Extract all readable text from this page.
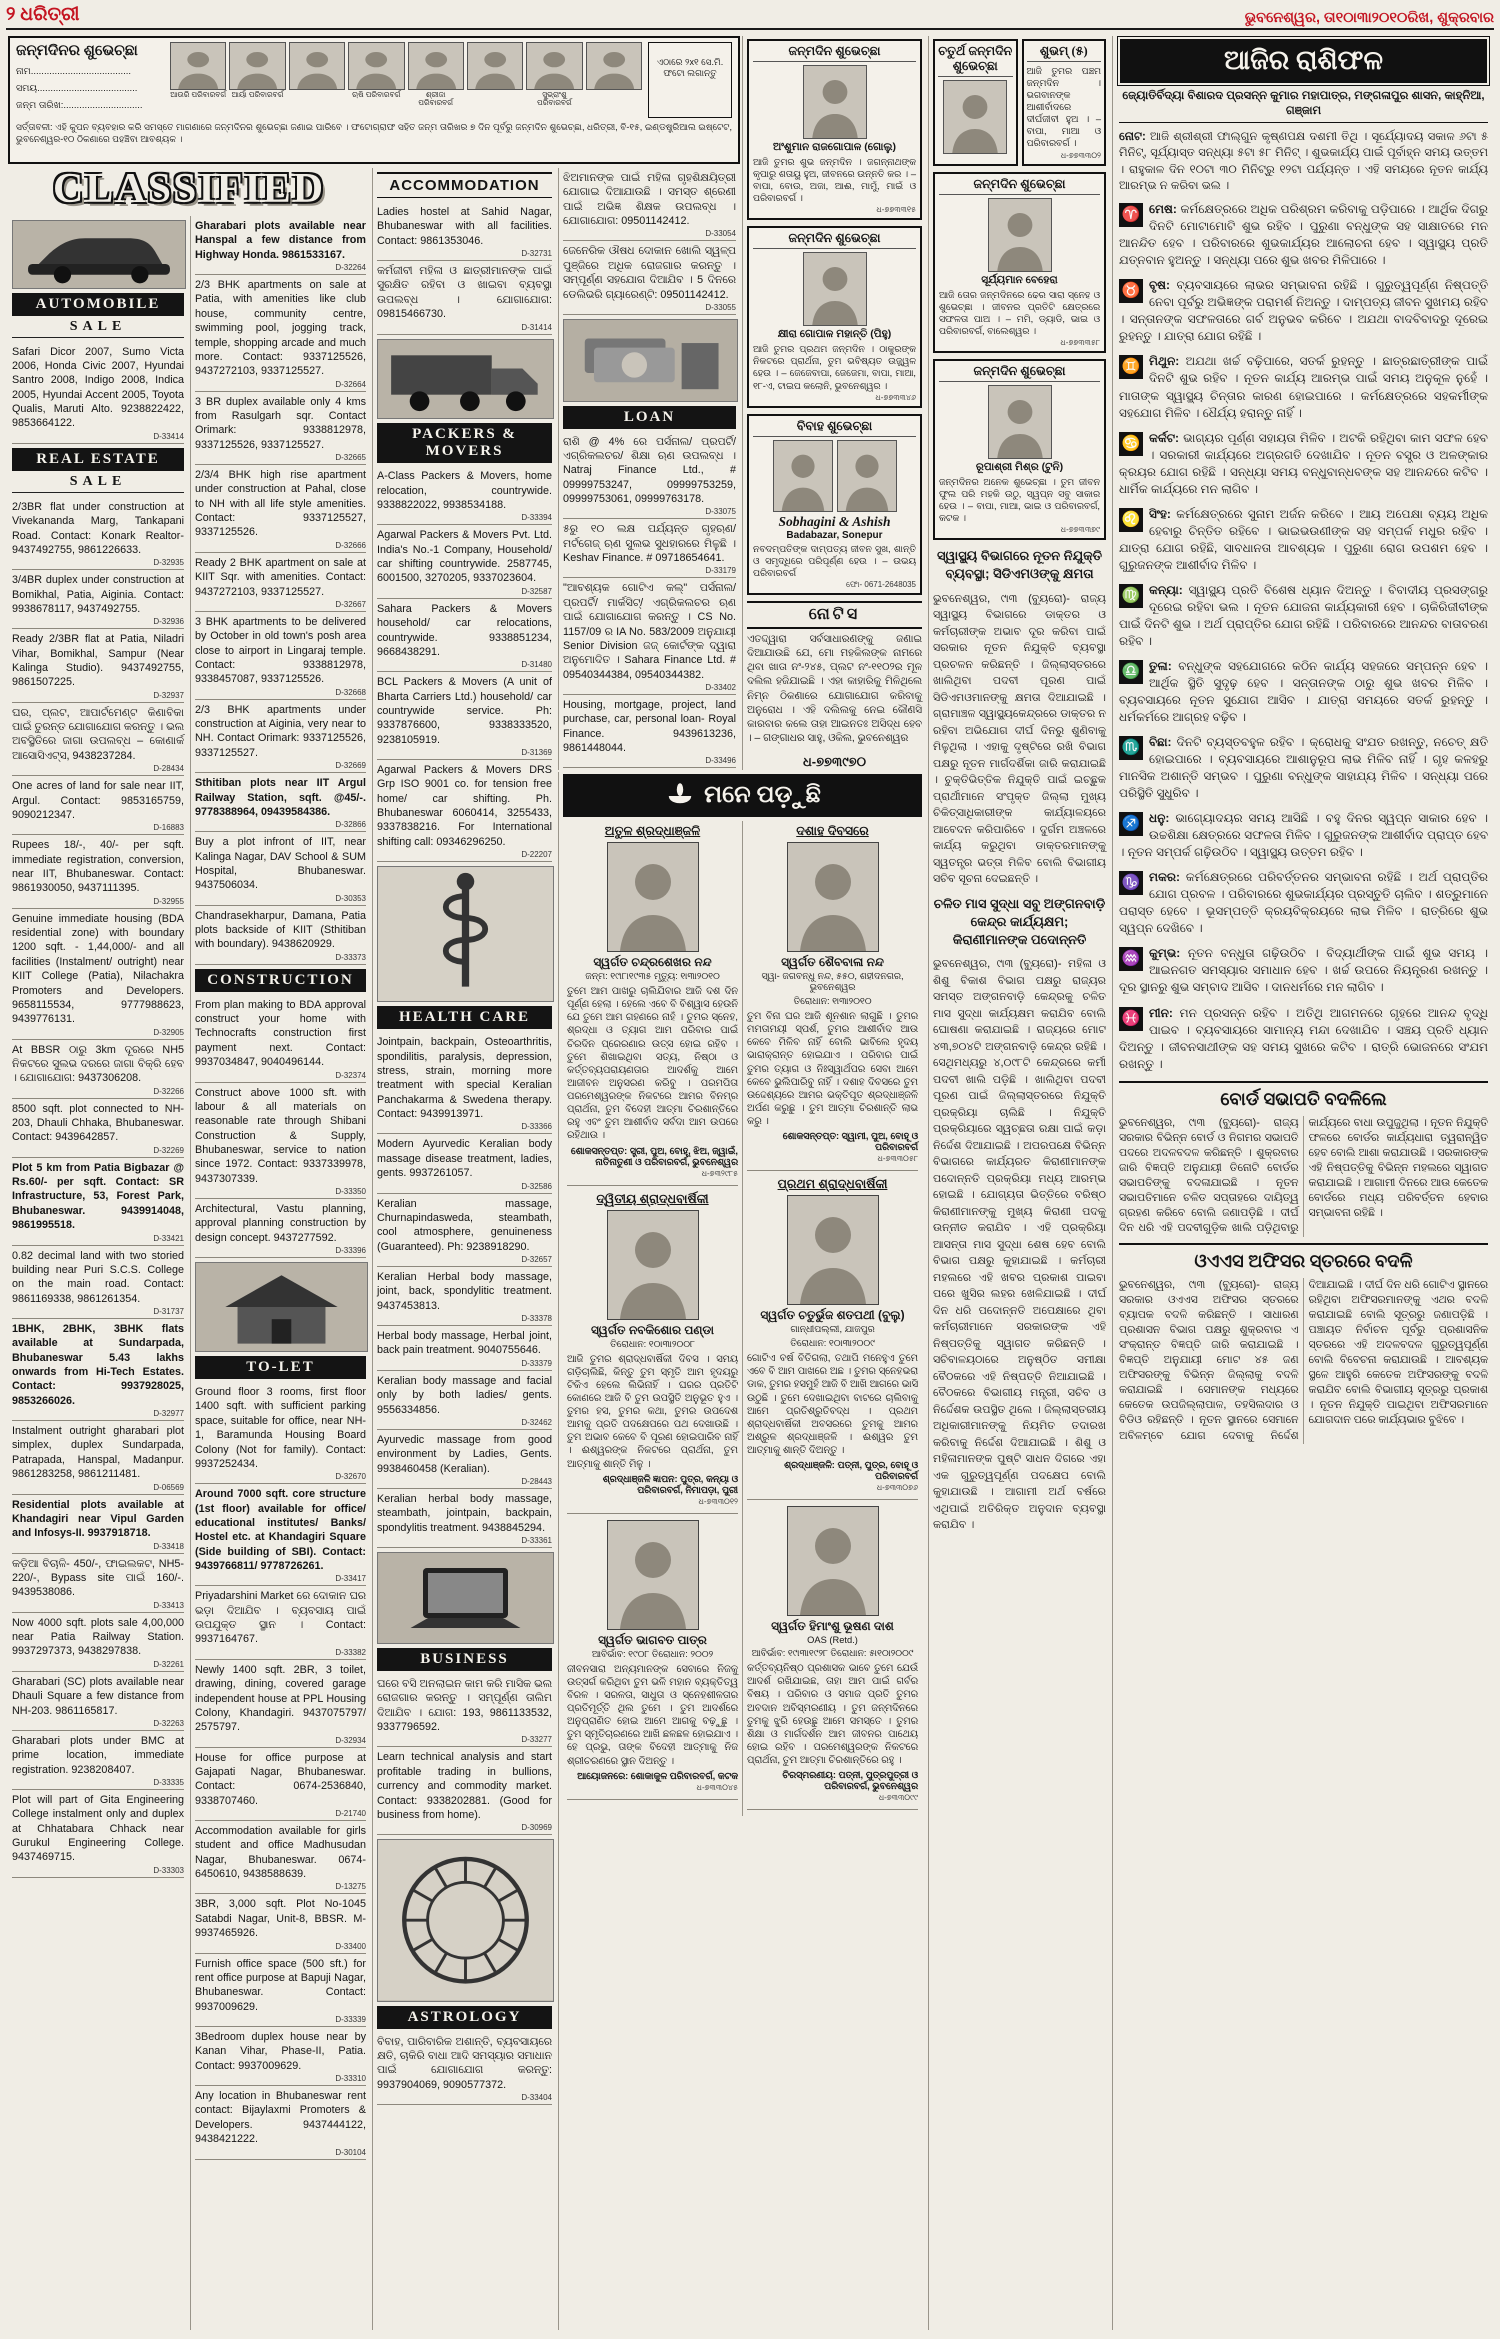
୨ ଧରିତ୍ରୀ	ଭୁବନେଶ୍ୱର, ତା୧୦ା୩ା୨୦୧୦ରିଖ, ଶୁକ୍ରବାର
ଜନ୍ମଦିନର ଶୁଭେଚ୍ଛା
ନାମ......................................
ସମୟ......................................
ଜନ୍ମ ତାରିଖ:..............................
ଆଉରି ପରିବାରବର୍ଗ ଆର୍ୟା ପରିବାରବର୍ଗ	ଋଷି ପରିବାରବର୍ଗ	ଶ୍ରୀଜା ପରିବାରବର୍ଗ
ସୁଭ୍ରାଂଶୁ ପରିବାରବର୍ଗ
ଏଠାରେ ୨x୧ ସେ.ମି. ଫଟୋ ଲଗାନ୍ତୁ
ସର୍ତ୍ତାବଳୀ: ଏହି କୁପନ ବ୍ୟବହାର କରି ସମସ୍ତେ ମାଗଣାରେ ଜନ୍ମଦିନର ଶୁଭେଚ୍ଛା ଜଣାଇ ପାରିବେ । ଫଟୋଗ୍ରାଫ ସହିତ ଜନ୍ମ ତାରିଖର ୭ ଦିନ ପୂର୍ବରୁ ଜନ୍ମଦିନ ଶୁଭେଚ୍ଛା, ଧରିତ୍ରୀ, ବି-୧୫, ଇଣ୍ଡଷ୍ଟ୍ରିଆଲ ଇଷ୍ଟେଟ, ଭୁବନେଶ୍ୱର-୧୦ ଠିକଣାରେ ପହଞ୍ଚିବା ଆବଶ୍ୟକ ।
CLASSIFIED
AUTOMOBILE
SALE
Safari Dicor 2007, Sumo Victa 2006, Honda Civic 2007, Hyundai Santro 2008, Indigo 2008, Indica 2005, Hyundai Accent 2005, Toyota Qualis, Maruti Alto. 9238822422, 9853664122.
D-33414
REAL ESTATE
SALE
2/3BR flat under construction at Vivekananda Marg, Tankapani Road. Contact: Konark Realtor- 9437492755, 9861226633.
D-32935
3/4BR duplex under construction at Bomikhal, Patia, Aiginia. Contact: 9938678117, 9437492755.
D-32936
Ready 2/3BR flat at Patia, Niladri Vihar, Bomikhal, Sampur (Near Kalinga Studio). 9437492755, 9861507225.
D-32937
ଘର, ପ୍ଲଟ, ଆପାର୍ଟମେଣ୍ଟ କିଣାବିକା ପାଇଁ ତୁରନ୍ତ ଯୋଗାଯୋଗ କରନ୍ତୁ । ଭଲ ଅବସ୍ଥିତିରେ ଜାଗା ଉପଲବ୍ଧ – କୋଣାର୍କ ଆସୋସିଏଟ୍ସ, 9438237284.
D-28434
One acres of land for sale near IIT, Argul. Contact: 9853165759, 9090212347.
D-16883
Rupees 18/-, 40/- per sqft. immediate registration, conversion, near IIT, Bhubaneswar. Contact: 9861930050, 9437111395.
D-32955
Genuine immediate housing (BDA residential zone) with boundary 1200 sqft. - 1,44,000/- and all facilities (Instalment/ outright) near KIIT College (Patia), Nilachakra Promoters and Developers. 9658115534, 9777988623, 9439776131.
D-32905
At BBSR ଠାରୁ 3km ଦୂରରେ NH5 ନିକଟରେ ସୁଲଭ ଦରରେ ଜାଗା ବିକ୍ରି ହେବ । ଯୋଗାଯୋଗ: 9437306208.
D-32266
8500 sqft. plot connected to NH-203, Dhauli Chhaka, Bhubaneswar. Contact: 9439642857.
D-32269
Plot 5 km from Patia Bigbazar @ Rs.60/- per sqft. Contact: SR Infrastructure, 53, Forest Park, Bhubaneswar. 9439914048, 9861995518.
D-33421
0.82 decimal land with two storied building near Puri S.C.S. College on the main road. Contact: 9861169338, 9861261354.
D-31737
1BHK, 2BHK, 3BHK flats available at Sundarpada, Bhubaneswar 5.43 lakhs onwards from Hi-Tech Estates. Contact: 9937928025, 9853266026.
D-32977
Instalment outright gharabari plot simplex, duplex Sundarpada, Patrapada, Hanspal, Madanpur. 9861283258, 9861211481.
D-06569
Residential plots available at Khandagiri near Vipul Garden and Infosys-II. 9937918718.
D-33418
କଡ଼ିଆ ବିଚାଳି- 450/-, ଫାଇଲକଟ, NH5- 220/-, Bypass site ପାଇଁ 160/-. 9439538086.
D-33413
Now 4000 sqft. plots sale 4,00,000 near Patia Railway Station. 9937297373, 9438297838.
D-32261
Gharabari (SC) plots available near Dhauli Square a few distance from NH-203. 9861165817.
D-32263
Gharabari plots under BMC at prime location, immediate registration. 9238208407.
D-33335
Plot will part of Gita Engineering College instalment only and duplex at Chhatabara Chhack near Gurukul Engineering College. 9437469715.
D-33303
Gharabari plots available near Hanspal a few distance from Highway Honda. 9861533167.
D-32264
2/3 BHK apartments on sale at Patia, with amenities like club house, community centre, swimming pool, jogging track, temple, shopping arcade and much more. Contact: 9337125526, 9437272103, 9337125527.
D-32664
3 BR duplex available only 4 kms from Rasulgarh sqr. Contact Orimark: 9338812978, 9337125526, 9337125527.
D-32665
2/3/4 BHK high rise apartment under construction at Pahal, close to NH with all life style amenities. Contact: 9337125527, 9337125526.
D-32666
Ready 2 BHK apartment on sale at KIIT Sqr. with amenities. Contact: 9437272103, 9337125527.
D-32667
3 BHK apartments to be delivered by October in old town's posh area close to airport in Lingaraj temple. Contact: 9338812978, 9338457087, 9337125526.
D-32668
2/3 BHK apartments under construction at Aiginia, very near to NH. Contact Orimark: 9337125526, 9337125527.
D-32669
Sthitiban plots near IIT Argul Railway Station, sqft. @45/-. 9778388964, 09439584386.
D-32866
Buy a plot infront of IIT, near Kalinga Nagar, DAV School & SUM Hospital, Bhubaneswar. 9437506034.
D-30353
Chandrasekharpur, Damana, Patia plots backside of KIIT (Sthitiban with boundary). 9438620929.
D-33373
CONSTRUCTION
From plan making to BDA approval construct your home with Technocrafts construction first payment next. Contact: 9937034847, 9040496144.
D-32374
Construct above 1000 sft. with labour & all materials on reasonable rate through Shibani Construction & Supply, Bhubaneswar, service to nation since 1972. Contact: 9337339978, 9437307339.
D-33350
Architectural, Vastu planning, approval planning construction by design concept. 9437277592.
D-33396
TO-LET
Ground floor 3 rooms, first floor 1400 sqft. with sufficient parking space, suitable for office, near NH-1, Baramunda Housing Board Colony (Not for family). Contact: 9937252434.
D-32670
Around 7000 sqft. core structure (1st floor) available for office/ educational institutes/ Banks/ Hostel etc. at Khandagiri Square (Side building of SBI). Contact: 9439766811/ 9778726261.
D-33417
Priyadarshini Market ରେ ଦୋକାନ ଘର ଭଡ଼ା ଦିଆଯିବ । ବ୍ୟବସାୟ ପାଇଁ ଉପଯୁକ୍ତ ସ୍ଥାନ । Contact: 9937164767.
D-33382
Newly 1400 sqft. 2BR, 3 toilet, drawing, dining, covered garage independent house at PPL Housing Colony, Khandagiri. 9437075797/ 2575797.
D-32934
House for office purpose at Gajapati Nagar, Bhubaneswar. Contact: 0674-2536840, 9338707460.
D-21740
Accommodation available for girls student and office Madhusudan Nagar, Bhubaneswar. 0674-6450610, 9438588639.
D-13275
3BR, 3,000 sqft. Plot No-1045 Satabdi Nagar, Unit-8, BBSR. M-9937465926.
D-33400
Furnish office space (500 sft.) for rent office purpose at Bapuji Nagar, Bhubaneswar. Contact: 9937009629.
D-33339
3Bedroom duplex house near by Kanan Vihar, Phase-II, Patia. Contact: 9937009629.
D-33310
Any location in Bhubaneswar rent contact: Bijaylaxmi Promoters & Developers. 9437444122, 9438421222.
D-30104
ACCOMMODATION
Ladies hostel at Sahid Nagar, Bhubaneswar with all facilities. Contact: 9861353046.
D-32731
କର୍ମଜୀବୀ ମହିଳା ଓ ଛାତ୍ରୀମାନଙ୍କ ପାଇଁ ସୁରକ୍ଷିତ ରହିବା ଓ ଖାଇବା ବ୍ୟବସ୍ଥା ଉପଲବ୍ଧ । ଯୋଗାଯୋଗ: 09815466730.
D-31414
PACKERS & MOVERS
A-Class Packers & Movers, home relocation, countrywide. 9338822022, 9938534188.
D-33394
Agarwal Packers & Movers Pvt. Ltd. India's No.-1 Company, Household/ car shifting countrywide. 2587745, 6001500, 3270205, 9337023604.
D-32587
Sahara Packers & Movers household/ car relocations, countrywide. 9338851234, 9668438291.
D-31480
BCL Packers & Movers (A unit of Bharta Carriers Ltd.) household/ car countrywide service. Ph: 9337876600, 9338333520, 9238105919.
D-31369
Agarwal Packers & Movers DRS Grp ISO 9001 co. for tension free home/ car shifting. Ph. Bhubaneswar 6060414, 3255433, 9337838216. For International shifting call: 09346296250.
D-22207
HEALTH CARE
Jointpain, backpain, Osteoarthritis, spondilitis, paralysis, depression, stress, strain, morning more treatment with special Keralian Panchakarma & Swedena therapy. Contact: 9439913971.
D-33366
Modern Ayurvedic Keralian body massage disease treatment, ladies, gents. 9937261057.
D-32586
Keralian massage, Churnapindasweda, steambath, cool atmosphere, genuineness (Guaranteed). Ph: 9238918290.
D-32657
Keralian Herbal body massage, joint, back, spondylitic treatment. 9437453813.
D-33378
Herbal body massage, Herbal joint, back pain treatment. 9040755646.
D-33379
Keralian body massage and facial only by both ladies/ gents. 9556334856.
D-32462
Ayurvedic massage from good environment by Ladies, Gents. 9938460458 (Keralian).
D-28443
Keralian herbal body massage, steambath, jointpain, backpain, spondylitis treatment. 9438845294.
D-33361
BUSINESS
ଘରେ ବସି ଅନଲାଇନ କାମ କରି ମାସିକ ଭଲ ରୋଜଗାର କରନ୍ତୁ । ସମ୍ପୂର୍ଣ୍ଣ ତାଲିମ ଦିଆଯିବ । ଯୋଗ: 193, 9861133532, 9337796592.
D-33277
Learn technical analysis and start profitable trading in bullions, currency and commodity market. Contact: 9338202881. (Good for business from home).
D-30969
ASTROLOGY
ବିବାହ, ପାରିବାରିକ ଅଶାନ୍ତି, ବ୍ୟବସାୟରେ କ୍ଷତି, ଚାକିରି ବାଧା ଆଦି ସମସ୍ୟାର ସମାଧାନ ପାଇଁ ଯୋଗାଯୋଗ କରନ୍ତୁ: 9937904069, 9090577372.
D-33404
ଝିଅମାନଙ୍କ ପାଇଁ ମହିଳା ଗୃହଶିକ୍ଷୟିତ୍ରୀ ଯୋଗାଇ ଦିଆଯାଉଛି । ସମସ୍ତ ଶ୍ରେଣୀ ପାଇଁ ଅଭିଜ୍ଞ ଶିକ୍ଷକ ଉପଲବ୍ଧ । ଯୋଗାଯୋଗ: 09501142412.
D-33054
ଜେନେରିକ ଔଷଧ ଦୋକାନ ଖୋଲି ସ୍ୱଳ୍ପ ପୁଞ୍ଜିରେ ଅଧିକ ରୋଜଗାର କରନ୍ତୁ । ସମ୍ପୂର୍ଣ୍ଣ ସହଯୋଗ ଦିଆଯିବ । 5 ଦିନରେ ଡେଲିଭରି ଗ୍ୟାରେଣ୍ଟି: 09501142412.
D-33055
LOAN
ରାଶି @ 4% ରେ ପର୍ସନାଲ/ ପ୍ରପର୍ଟି/ ଏଗ୍ରିକଲଚର/ ଶିକ୍ଷା ଋଣ ଉପଲବ୍ଧ । Natraj Finance Ltd., # 09999753247, 09999753259, 09999753061, 09999763178.
D-33075
୫ରୁ ୧୦ ଲକ୍ଷ ପର୍ଯ୍ୟନ୍ତ ଗୃହଋଣ/ ମର୍ଟଗେଜ୍ ଋଣ ସୁଲଭ ସୁଧହାରରେ ମିଳୁଛି । Keshav Finance. # 09718654641.
D-33179
"ଆବଶ୍ୟକ ଗୋଟିଏ କଲ୍" ପର୍ସନାଲ/ ପ୍ରପର୍ଟି/ ମାର୍କସିଟ୍/ ଏଗ୍ରିକଲଚର ଋଣ ପାଇଁ ଯୋଗାଯୋଗ କରନ୍ତୁ । CS No. 1157/09 ର IA No. 583/2009 ଅନୁଯାୟୀ Senior Division ଜଜ୍ କୋର୍ଟଙ୍କ ଦ୍ୱାରା ଅନୁମୋଦିତ । Sahara Finance Ltd. # 09540344384, 09540344382.
D-33402
Housing, mortgage, project, land purchase, car, personal loan- Royal Finance. 9439613236, 9861448044.
D-33496
ଜନ୍ମଦିନ ଶୁଭେଚ୍ଛା
ଅଂଶୁମାନ ରାଜଗୋପାଳ (ଗୋଲୁ)
ଆଜି ତୁମର ଶୁଭ ଜନ୍ମଦିନ । ଜଗନ୍ନାଥଙ୍କ କୃପାରୁ ଶତାୟୁ ହୁଅ, ଜୀବନରେ ଉନ୍ନତି କର । – ବାପା, ବୋଉ, ଅଜା, ଆଈ, ମାମୁଁ, ମାଇଁ ଓ ପରିବାରବର୍ଗ ।
ଧ-୭୭୩୩୧୫
ଜନ୍ମଦିନ ଶୁଭେଚ୍ଛା
କ୍ଷୀରା ଗୋପାଳ ମହାନ୍ତି (ପିହୁ)
ଆଜି ତୁମର ପ୍ରଥମ ଜନ୍ମଦିନ । ଠାକୁରଙ୍କ ନିକଟରେ ପ୍ରାର୍ଥନା, ତୁମ ଭବିଷ୍ୟତ ଉଜ୍ଜ୍ୱଳ ହେଉ । – ଜେଜେବାପା, ଜେଜେମା, ବାପା, ମାଆ, ୧୮-ଏ, ଟାଇପ କଲୋନି, ଭୁବନେଶ୍ୱର ।
ଧ-୭୭୩୩୪୬
ବିବାହ ଶୁଭେଚ୍ଛା
Sobhagini & Ashish
Badabazar, Sonepur
ନବଦମ୍ପତିଙ୍କ ଦାମ୍ପତ୍ୟ ଜୀବନ ସୁଖ, ଶାନ୍ତି ଓ ସମୃଦ୍ଧିରେ ପରିପୂର୍ଣ୍ଣ ହେଉ । – ଉଭୟ ପରିବାରବର୍ଗ
ଫୋ- 0671-2648035
ନୋଟିସ
ଏତଦ୍ଦ୍ୱାରା ସର୍ବସାଧାରଣଙ୍କୁ ଜଣାଇ ଦିଆଯାଉଛି ଯେ, ମୋ ମହକିଲଙ୍କ ନାମରେ ଥିବା ଖାତା ନଂ-୨୪୫, ପ୍ଲଟ ନଂ-୧୧୦୨ର ମୂଳ ଦଲିଲ ହଜିଯାଇଛି । ଏହା କାହାରିକୁ ମିଳିଥିଲେ ନିମ୍ନ ଠିକଣାରେ ଯୋଗାଯୋଗ କରିବାକୁ ଅନୁରୋଧ । ଏହି ଦଲିଲକୁ ନେଇ କୌଣସି କାରବାର କଲେ ତାହା ଆଇନତଃ ଅସିଦ୍ଧ ହେବ । – ଗଙ୍ଗାଧର ସାହୁ, ଓକିଲ, ଭୁବନେଶ୍ୱର
ଧ-୭୭୩୯୭୦
ଚତୁର୍ଥ ଜନ୍ମଦିନ ଶୁଭେଚ୍ଛା
ଶୁଭମ୍ (୫)
ଆଜି ତୁମର ପଞ୍ଚମ ଜନ୍ମଦିନ । ଭଗବାନଙ୍କ ଆଶୀର୍ବାଦରେ ଦୀର୍ଘଜୀବୀ ହୁଅ । – ବାପା, ମାଆ ଓ ପରିବାରବର୍ଗ ।
ଧ-୭୭୩୩୦୨
ଜନ୍ମଦିନ ଶୁଭେଚ୍ଛା
ସୂର୍ଯ୍ୟମାନ ବେହେରା
ଆଜି ତୋର ଜନ୍ମଦିନରେ ଢେର ସାରା ସ୍ନେହ ଓ ଶୁଭେଚ୍ଛା । ଜୀବନର ପ୍ରତିଟି କ୍ଷେତ୍ରରେ ସଫଳତା ପାଅ । – ମମି, ଡ୍ୟାଡି, ଭାଇ ଓ ପରିବାରବର୍ଗ, ବାଲେଶ୍ୱର ।
ଧ-୭୭୩୩୫୮
ଜନ୍ମଦିନ ଶୁଭେଚ୍ଛା
ରୂପାଶ୍ରୀ ମିଶ୍ର (ଟୁନି)
ଜନ୍ମଦିନର ଅନେକ ଶୁଭେଚ୍ଛା । ତୁମ ଜୀବନ ଫୁଲ ପରି ମହକି ଉଠୁ, ସ୍ୱପ୍ନ ସବୁ ସାକାର ହେଉ । – ବାପା, ମାଆ, ଭାଇ ଓ ପରିବାରବର୍ଗ, କଟକ ।
ଧ-୭୭୩୩୭୯
ସ୍ୱାସ୍ଥ୍ୟ ବିଭାଗରେ ନୂତନ ନିଯୁକ୍ତି ବ୍ୟବସ୍ଥା; ସିଡିଏମଓଙ୍କୁ କ୍ଷମତା
ଭୁବନେଶ୍ୱର, ୯ା୩ (ବ୍ୟୁରୋ)- ରାଜ୍ୟ ସ୍ୱାସ୍ଥ୍ୟ ବିଭାଗରେ ଡାକ୍ତର ଓ କର୍ମଚାରୀଙ୍କ ଅଭାବ ଦୂର କରିବା ପାଇଁ ସରକାର ନୂତନ ନିଯୁକ୍ତି ବ୍ୟବସ୍ଥା ପ୍ରଚଳନ କରିଛନ୍ତି । ଜିଲ୍ଲାସ୍ତରରେ ଖାଲିଥିବା ପଦବୀ ପୂରଣ ପାଇଁ ସିଡିଏମଓମାନଙ୍କୁ କ୍ଷମତା ଦିଆଯାଇଛି । ଗ୍ରାମାଞ୍ଚଳ ସ୍ୱାସ୍ଥ୍ୟକେନ୍ଦ୍ରରେ ଡାକ୍ତର ନ ରହିବା ଅଭିଯୋଗ ଦୀର୍ଘ ଦିନରୁ ଶୁଣିବାକୁ ମିଳୁଥିଲା । ଏହାକୁ ଦୃଷ୍ଟିରେ ରଖି ବିଭାଗ ପକ୍ଷରୁ ନୂତନ ମାର୍ଗଦର୍ଶିକା ଜାରି କରାଯାଇଛି । ଚୁକ୍ତିଭିତ୍ତିକ ନିଯୁକ୍ତି ପାଇଁ ଇଚ୍ଛୁକ ପ୍ରାର୍ଥୀମାନେ ସଂପୃକ୍ତ ଜିଲ୍ଲା ମୁଖ୍ୟ ଚିକିତ୍ସାଧିକାରୀଙ୍କ କାର୍ଯ୍ୟାଳୟରେ ଆବେଦନ କରିପାରିବେ । ଦୁର୍ଗମ ଅଞ୍ଚଳରେ କାର୍ଯ୍ୟ କରୁଥିବା ଡାକ୍ତରମାନଙ୍କୁ ସ୍ୱତନ୍ତ୍ର ଭତ୍ତା ମିଳିବ ବୋଲି ବିଭାଗୀୟ ସଚିବ ସୂଚନା ଦେଇଛନ୍ତି ।
ଚଳିତ ମାସ ସୁଦ୍ଧା ସବୁ ଅଙ୍ଗନବାଡ଼ି କେନ୍ଦ୍ର କାର୍ଯ୍ୟକ୍ଷମ; କିରାଣୀମାନଙ୍କ ପଦୋନ୍ନତି
ଭୁବନେଶ୍ୱର, ୯ା୩ (ବ୍ୟୁରୋ)- ମହିଳା ଓ ଶିଶୁ ବିକାଶ ବିଭାଗ ପକ୍ଷରୁ ରାଜ୍ୟର ସମସ୍ତ ଅଙ୍ଗନବାଡ଼ି କେନ୍ଦ୍ରକୁ ଚଳିତ ମାସ ସୁଦ୍ଧା କାର୍ଯ୍ୟକ୍ଷମ କରାଯିବ ବୋଲି ଘୋଷଣା କରାଯାଇଛି । ରାଜ୍ୟରେ ମୋଟ ୪୩,୭୦୪ଟି ଅଙ୍ଗନବାଡ଼ି କେନ୍ଦ୍ର ରହିଛି । ସେଥିମଧ୍ୟରୁ ୪,୦୯୮ଟି କେନ୍ଦ୍ରରେ କର୍ମୀ ପଦବୀ ଖାଲି ପଡ଼ିଛି । ଖାଲିଥିବା ପଦବୀ ପୂରଣ ପାଇଁ ଜିଲ୍ଲାସ୍ତରରେ ନିଯୁକ୍ତି ପ୍ରକ୍ରିୟା ଚାଲିଛି । ନିଯୁକ୍ତି ପ୍ରକ୍ରିୟାରେ ସ୍ୱଚ୍ଛତା ରକ୍ଷା ପାଇଁ କଡ଼ା ନିର୍ଦ୍ଦେଶ ଦିଆଯାଇଛି । ଅପରପକ୍ଷେ ବିଭିନ୍ନ ବିଭାଗରେ କାର୍ଯ୍ୟରତ କିରାଣୀମାନଙ୍କ ପଦୋନ୍ନତି ପ୍ରକ୍ରିୟା ମଧ୍ୟ ଆରମ୍ଭ ହୋଇଛି । ଯୋଗ୍ୟତା ଭିତ୍ତିରେ ବରିଷ୍ଠ କିରାଣୀମାନଙ୍କୁ ମୁଖ୍ୟ କିରାଣୀ ପଦକୁ ଉନ୍ନୀତ କରାଯିବ । ଏହି ପ୍ରକ୍ରିୟା ଆସନ୍ତା ମାସ ସୁଦ୍ଧା ଶେଷ ହେବ ବୋଲି ବିଭାଗ ପକ୍ଷରୁ କୁହାଯାଇଛି । କର୍ମଚାରୀ ମହଲରେ ଏହି ଖବର ପ୍ରକାଶ ପାଇବା ପରେ ଖୁସିର ଲହର ଖେଳିଯାଇଛି । ଦୀର୍ଘ ଦିନ ଧରି ପଦୋନ୍ନତି ଅପେକ୍ଷାରେ ଥିବା କର୍ମଚାରୀମାନେ ସରକାରଙ୍କ ଏହି ନିଷ୍ପତ୍ତିକୁ ସ୍ୱାଗତ କରିଛନ୍ତି । ସଚିବାଳୟଠାରେ ଅନୁଷ୍ଠିତ ସମୀକ୍ଷା ବୈଠକରେ ଏହି ନିଷ୍ପତ୍ତି ନିଆଯାଇଛି । ବୈଠକରେ ବିଭାଗୀୟ ମନ୍ତ୍ରୀ, ସଚିବ ଓ ନିର୍ଦ୍ଦେଶକ ଉପସ୍ଥିତ ଥିଲେ । ଜିଲ୍ଲାସ୍ତରୀୟ ଅଧିକାରୀମାନଙ୍କୁ ନିୟମିତ ତଦାରଖ କରିବାକୁ ନିର୍ଦ୍ଦେଶ ଦିଆଯାଇଛି । ଶିଶୁ ଓ ମହିଳାମାନଙ୍କ ପୁଷ୍ଟି ସାଧନ ଦିଗରେ ଏହା ଏକ ଗୁରୁତ୍ୱପୂର୍ଣ୍ଣ ପଦକ୍ଷେପ ବୋଲି କୁହାଯାଉଛି । ଆଗାମୀ ଅର୍ଥ ବର୍ଷରେ ଏଥିପାଇଁ ଅତିରିକ୍ତ ଅନୁଦାନ ବ୍ୟବସ୍ଥା କରାଯିବ ।
ମନେ ପଡ଼ୁଛି
ଅତୁଳ ଶ୍ରଦ୍ଧାଞ୍ଜଳି
ସ୍ୱର୍ଗତ ଚନ୍ଦ୍ରଶେଖର ନନ୍ଦ
ଜନ୍ମ: ୧୯ା୮ା୧୯୩୫ ମୃତ୍ୟୁ: ୧ା୩ା୨୦୧୦
ତୁମେ ଆମ ପାଖରୁ ଚାଲିଯିବାର ଆଜି ଦଶ ଦିନ ପୂର୍ଣ୍ଣ ହେଲା । ହେଲେ ଏବେ ବି ବିଶ୍ୱାସ ହେଉନି ଯେ ତୁମେ ଆମ ଗହଣରେ ନାହଁ । ତୁମର ସ୍ନେହ, ଶ୍ରଦ୍ଧା ଓ ତ୍ୟାଗ ଆମ ପରିବାର ପାଇଁ ଚିରଦିନ ପ୍ରେରଣାର ଉତ୍ସ ହୋଇ ରହିବ । ତୁମେ ଶିଖାଇଥିବା ସତ୍ୟ, ନିଷ୍ଠା ଓ କର୍ତ୍ତବ୍ୟପରାୟଣତାର ଆଦର୍ଶକୁ ଆମେ ଆଜୀବନ ଅନୁସରଣ କରିବୁ । ପରମପିତା ପରମେଶ୍ୱରଙ୍କ ନିକଟରେ ଆମର ବିନମ୍ର ପ୍ରାର୍ଥନା, ତୁମ ବିଦେହୀ ଆତ୍ମା ଚିରଶାନ୍ତିରେ ରହୁ ଏବଂ ତୁମ ଆଶୀର୍ବାଦ ସର୍ବଦା ଆମ ଉପରେ ରହିଥାଉ ।
ଶୋକସନ୍ତପ୍ତ: ସ୍ତ୍ରୀ, ପୁଅ, ବୋହୂ, ଝିଅ, ଜ୍ୱାଇଁ, ନାତିନାତୁଣୀ ଓ ପରିବାରବର୍ଗ, ଭୁବନେଶ୍ୱର
ଧ-୭୩୨୯୮୫
ଦ୍ୱିତୀୟ ଶ୍ରାଦ୍ଧବାର୍ଷିକୀ
ସ୍ୱର୍ଗତ ନବକିଶୋର ପଣ୍ଡା
ତିରୋଧାନ: ୧୦ା୩ା୨୦୦୮
ଆଜି ତୁମର ଶ୍ରାଦ୍ଧବାର୍ଷିକୀ ଦିବସ । ସମୟ ଗଡ଼ିଚାଲିଛି, କିନ୍ତୁ ତୁମ ସ୍ମୃତି ଆମ ହୃଦୟରୁ ଟିକିଏ ହେଲେ ଲିଭିନାହିଁ । ଘରର ପ୍ରତିଟି କୋଣରେ ଆଜି ବି ତୁମ ଉପସ୍ଥିତି ଅନୁଭୂତ ହୁଏ । ତୁମର ହସ, ତୁମର କଥା, ତୁମର ଉପଦେଶ ଆମକୁ ପ୍ରତି ପଦକ୍ଷେପରେ ପଥ ଦେଖାଉଛି । ତୁମ ଅଭାବ କେବେ ବି ପୂରଣ ହୋଇପାରିବ ନାହିଁ । ଈଶ୍ୱରଙ୍କ ନିକଟରେ ପ୍ରାର୍ଥନା, ତୁମ ଆତ୍ମାକୁ ଶାନ୍ତି ମିଳୁ ।
ଶ୍ରଦ୍ଧାଞ୍ଜଳି ଜ୍ଞାପନ: ପୁତ୍ର, କନ୍ୟା ଓ ପରିବାରବର୍ଗ, ନିମାପଡ଼ା, ପୁରୀ
ଧ-୭୩୩୦୧୨
ସ୍ୱର୍ଗତ ଭାଗବତ ପାତ୍ର
ଆବିର୍ଭାବ: ୧୯୦୮ ତିରୋଧାନ: ୨୦୦୨
ଜୀବନସାରା ଅନ୍ୟମାନଙ୍କ ସେବାରେ ନିଜକୁ ଉତ୍ସର୍ଗ କରିଥିବା ତୁମ ଭଳି ମହାନ ବ୍ୟକ୍ତିତ୍ୱ ବିରଳ । ସରଳତା, ସାଧୁତା ଓ ସ୍ନେହଶୀଳତାର ପ୍ରତିମୂର୍ତ୍ତି ଥିଲ ତୁମେ । ତୁମ ଆଦର୍ଶରେ ଅନୁପ୍ରାଣିତ ହୋଇ ଆମେ ଆଗକୁ ବଢ଼ୁଛୁ । ତୁମ ସ୍ମୃତିଚାରଣରେ ଆଖି ଛଳଛଳ ହୋଇଯାଏ । ହେ ପ୍ରଭୁ, ତାଙ୍କ ବିଦେହୀ ଆତ୍ମାକୁ ନିଜ ଶ୍ରୀଚରଣରେ ସ୍ଥାନ ଦିଅନ୍ତୁ ।
ଆୟୋଜନରେ: ଶୋକାକୁଳ ପରିବାରବର୍ଗ, କଟକ
ଧ-୭୩୩୦୪୫
ଦଶାହ ଦିବସରେ
ସ୍ୱର୍ଗତ ଶୈବବାଳା ନନ୍ଦ
ସ୍ୱା- ଜଗବନ୍ଧୁ ନନ୍ଦ, ୫୫୦, ଶହୀଦନଗର, ଭୁବନେଶ୍ୱର
ତିରୋଧାନ: ୧ା୩ା୨୦୧୦
ତୁମ ବିନା ଘର ଆଜି ଶୂନଶାନ ଲାଗୁଛି । ତୁମର ମମତାମୟୀ ସ୍ପର୍ଶ, ତୁମର ଆଶୀର୍ବାଦ ଆଉ କେବେ ମିଳିବ ନାହିଁ ବୋଲି ଭାବିଲେ ହୃଦୟ ଭାରାକ୍ରାନ୍ତ ହୋଇଯାଏ । ପରିବାର ପାଇଁ ତୁମର ତ୍ୟାଗ ଓ ନିଃସ୍ୱାର୍ଥପର ସେବା ଆମେ କେବେ ଭୁଲିପାରିବୁ ନାହିଁ । ଦଶାହ ଦିବସରେ ତୁମ ଉଦ୍ଦେଶ୍ୟରେ ଆମର ଭକ୍ତିପୂତ ଶ୍ରଦ୍ଧାଞ୍ଜଳି ଅର୍ପଣ କରୁଛୁ । ତୁମ ଆତ୍ମା ଚିରଶାନ୍ତି ଲାଭ କରୁ ।
ଶୋକସନ୍ତପ୍ତ: ସ୍ୱାମୀ, ପୁଅ, ବୋହୂ ଓ ପରିବାରବର୍ଗ
ଧ-୭୩୩୦୫୮
ପ୍ରଥମ ଶ୍ରାଦ୍ଧବାର୍ଷିକୀ
ସ୍ୱର୍ଗତ ଚତୁର୍ଭୁଜ ଶତପଥୀ (ବୁଲୁ)
ଗାନ୍ଧୀପଲ୍ଲୀ, ଯାଜପୁର
ତିରୋଧାନ: ୧୦ା୩ା୨୦୦୯
ଗୋଟିଏ ବର୍ଷ ବିତିଗଲା, ତଥାପି ମନେହୁଏ ତୁମେ ଏବେ ବି ଆମ ପାଖରେ ଅଛ । ତୁମର ସ୍ନେହଭରା ଡାକ, ତୁମର ହସମୁହଁ ଆଜି ବି ଆଖି ଆଗରେ ଭାସି ଉଠୁଛି । ତୁମେ ଦେଖାଇଥିବା ବାଟରେ ଚାଲିବାକୁ ଆମେ ପ୍ରତିଶ୍ରୁତିବଦ୍ଧ । ପ୍ରଥମ ଶ୍ରାଦ୍ଧବାର୍ଷିକୀ ଅବସରରେ ତୁମକୁ ଆମର ଅଶ୍ରୁଳ ଶ୍ରଦ୍ଧାଞ୍ଜଳି । ଈଶ୍ୱର ତୁମ ଆତ୍ମାକୁ ଶାନ୍ତି ଦିଅନ୍ତୁ ।
ଶ୍ରଦ୍ଧାଞ୍ଜଳି: ପତ୍ନୀ, ପୁତ୍ର, ବୋହୂ ଓ ପରିବାରବର୍ଗ
ଧ-୭୩୩୦୭୬
ସ୍ୱର୍ଗତ ହିମାଂଶୁ ଭୂଷଣ ଦାଶ
OAS (Retd.)
ଆବିର୍ଭାବ: ୧୯ା୩ା୧୯୨୮ ତିରୋଧାନ: ୫ା୧୦ା୨୦୦୯
କର୍ତ୍ତବ୍ୟନିଷ୍ଠ ପ୍ରଶାସକ ଭାବେ ତୁମେ ଯେଉଁ ଆଦର୍ଶ ରଖିଯାଇଛ, ତାହା ଆମ ପାଇଁ ଗର୍ବର ବିଷୟ । ପରିବାର ଓ ସମାଜ ପ୍ରତି ତୁମର ଅବଦାନ ଅବିସ୍ମରଣୀୟ । ତୁମ ଜନ୍ମଦିନରେ ତୁମକୁ ଝୁରି ହେଉଛୁ ଆମେ ସମସ୍ତେ । ତୁମର ଶିକ୍ଷା ଓ ମାର୍ଗଦର୍ଶନ ଆମ ଜୀବନର ପାଥେୟ ହୋଇ ରହିବ । ପରମେଶ୍ୱରଙ୍କ ନିକଟରେ ପ୍ରାର୍ଥନା, ତୁମ ଆତ୍ମା ଚିରଶାନ୍ତିରେ ରହୁ ।
ଚିରସ୍ମରଣୀୟ: ପତ୍ନୀ, ପୁତ୍ରପୁତ୍ରୀ ଓ ପରିବାରବର୍ଗ, ଭୁବନେଶ୍ୱର
ଧ-୭୩୩୦୯୯
ଆଜିର ରାଶିଫଳ
ଜ୍ୟୋତିର୍ବିଦ୍ୟା ବିଶାରଦ ପ୍ରସନ୍ନ କୁମାର ମହାପାତ୍ର, ମଙ୍ଗଳାପୁର ଶାସନ, କାହ୍ନିଆ, ଗଞ୍ଜାମ
ନୋଟ: ଆଜି ଶ୍ରୀଶ୍ରୀ ଫାଲ୍ଗୁନ କୃଷ୍ଣପକ୍ଷ ଦଶମୀ ତିଥି । ସୂର୍ଯ୍ୟୋଦୟ ସକାଳ ୬ଟା ୫ ମିନିଟ୍, ସୂର୍ଯ୍ୟାସ୍ତ ସନ୍ଧ୍ୟା ୫ଟା ୫୮ ମିନିଟ୍ । ଶୁଭକାର୍ଯ୍ୟ ପାଇଁ ପୂର୍ବାହ୍ନ ସମୟ ଉତ୍ତମ । ରାହୁକାଳ ଦିନ ୧୦ଟା ୩୦ ମିନିଟ୍‌ରୁ ୧୨ଟା ପର୍ଯ୍ୟନ୍ତ । ଏହି ସମୟରେ ନୂତନ କାର୍ଯ୍ୟ ଆରମ୍ଭ ନ କରିବା ଭଲ ।
♈ ମେଷ: କର୍ମକ୍ଷେତ୍ରରେ ଅଧିକ ପରିଶ୍ରମ କରିବାକୁ ପଡ଼ିପାରେ । ଆର୍ଥିକ ଦିଗରୁ ଦିନଟି ମୋଟାମୋଟି ଶୁଭ ରହିବ । ପୁରୁଣା ବନ୍ଧୁଙ୍କ ସହ ସାକ୍ଷାତରେ ମନ ଆନନ୍ଦିତ ହେବ । ପରିବାରରେ ଶୁଭକାର୍ଯ୍ୟର ଆଲୋଚନା ହେବ । ସ୍ୱାସ୍ଥ୍ୟ ପ୍ରତି ଯତ୍ନବାନ ହୁଅନ୍ତୁ । ସନ୍ଧ୍ୟା ପରେ ଶୁଭ ଖବର ମିଳିପାରେ ।
♉ ବୃଷ: ବ୍ୟବସାୟରେ ଲାଭର ସମ୍ଭାବନା ରହିଛି । ଗୁରୁତ୍ୱପୂର୍ଣ୍ଣ ନିଷ୍ପତ୍ତି ନେବା ପୂର୍ବରୁ ଅଭିଜ୍ଞଙ୍କ ପରାମର୍ଶ ନିଅନ୍ତୁ । ଦାମ୍ପତ୍ୟ ଜୀବନ ସୁଖମୟ ରହିବ । ସନ୍ତାନଙ୍କ ସଫଳତାରେ ଗର୍ବ ଅନୁଭବ କରିବେ । ଅଯଥା ବାଦବିବାଦରୁ ଦୂରେଇ ରୁହନ୍ତୁ । ଯାତ୍ରା ଯୋଗ ରହିଛି ।
♊ ମିଥୁନ: ଅଯଥା ଖର୍ଚ୍ଚ ବଢ଼ିପାରେ, ସତର୍କ ରୁହନ୍ତୁ । ଛାତ୍ରଛାତ୍ରୀଙ୍କ ପାଇଁ ଦିନଟି ଶୁଭ ରହିବ । ନୂତନ କାର୍ଯ୍ୟ ଆରମ୍ଭ ପାଇଁ ସମୟ ଅନୁକୂଳ ନୁହେଁ । ମାତାଙ୍କ ସ୍ୱାସ୍ଥ୍ୟ ଚିନ୍ତାର କାରଣ ହୋଇପାରେ । କର୍ମକ୍ଷେତ୍ରରେ ସହକର୍ମୀଙ୍କ ସହଯୋଗ ମିଳିବ । ଧୈର୍ଯ୍ୟ ହରାନ୍ତୁ ନାହିଁ ।
♋ କର୍କଟ: ଭାଗ୍ୟର ପୂର୍ଣ୍ଣ ସହାୟତା ମିଳିବ । ଅଟକି ରହିଥିବା କାମ ସଫଳ ହେବ । ସରକାରୀ କାର୍ଯ୍ୟରେ ଅଗ୍ରଗତି ଦେଖାଯିବ । ନୂତନ ବସ୍ତ୍ର ଓ ଅଳଙ୍କାର କ୍ରୟର ଯୋଗ ରହିଛି । ସନ୍ଧ୍ୟା ସମୟ ବନ୍ଧୁବାନ୍ଧବଙ୍କ ସହ ଆନନ୍ଦରେ କଟିବ । ଧାର୍ମିକ କାର୍ଯ୍ୟରେ ମନ ଲାଗିବ ।
♌ ସିଂହ: କର୍ମକ୍ଷେତ୍ରରେ ସୁନାମ ଅର୍ଜନ କରିବେ । ଆୟ ଅପେକ୍ଷା ବ୍ୟୟ ଅଧିକ ହେବାରୁ ଚିନ୍ତିତ ରହିବେ । ଭାଇଭଉଣୀଙ୍କ ସହ ସମ୍ପର୍କ ମଧୁର ରହିବ । ଯାତ୍ରା ଯୋଗ ରହିଛି, ସାବଧାନତା ଆବଶ୍ୟକ । ପୁରୁଣା ରୋଗ ଉପଶମ ହେବ । ଗୁରୁଜନଙ୍କ ଆଶୀର୍ବାଦ ମିଳିବ ।
♍ କନ୍ୟା: ସ୍ୱାସ୍ଥ୍ୟ ପ୍ରତି ବିଶେଷ ଧ୍ୟାନ ଦିଅନ୍ତୁ । ବିବାଦୀୟ ପ୍ରସଙ୍ଗରୁ ଦୂରେଇ ରହିବା ଭଲ । ନୂତନ ଯୋଜନା କାର୍ଯ୍ୟକାରୀ ହେବ । ଚାକିରିଜୀବୀଙ୍କ ପାଇଁ ଦିନଟି ଶୁଭ । ଅର୍ଥ ପ୍ରାପ୍ତିର ଯୋଗ ରହିଛି । ପରିବାରରେ ଆନନ୍ଦର ବାତାବରଣ ରହିବ ।
♎ ତୁଳା: ବନ୍ଧୁଙ୍କ ସହଯୋଗରେ କଠିନ କାର୍ଯ୍ୟ ସହଜରେ ସମ୍ପନ୍ନ ହେବ । ଆର୍ଥିକ ସ୍ଥିତି ସୁଦୃଢ଼ ହେବ । ସନ୍ତାନଙ୍କ ଠାରୁ ଶୁଭ ଖବର ମିଳିବ । ବ୍ୟବସାୟରେ ନୂତନ ସୁଯୋଗ ଆସିବ । ଯାତ୍ରା ସମୟରେ ସତର୍କ ରୁହନ୍ତୁ । ଧର୍ମକର୍ମରେ ଆଗ୍ରହ ବଢ଼ିବ ।
♏ ବିଛା: ଦିନଟି ବ୍ୟସ୍ତବହୁଳ ରହିବ । କ୍ରୋଧକୁ ସଂଯତ ରଖନ୍ତୁ, ନଚେତ୍ କ୍ଷତି ହୋଇପାରେ । ବ୍ୟବସାୟରେ ଆଶାନୁରୂପ ଲାଭ ମିଳିବ ନାହିଁ । ଗୃହ କଳହରୁ ମାନସିକ ଅଶାନ୍ତି ସମ୍ଭବ । ପୁରୁଣା ବନ୍ଧୁଙ୍କ ସାହାଯ୍ୟ ମିଳିବ । ସନ୍ଧ୍ୟା ପରେ ପରିସ୍ଥିତି ସୁଧୁରିବ ।
♐ ଧନୁ: ଭାଗ୍ୟୋଦୟର ସମୟ ଆସିଛି । ବହୁ ଦିନର ସ୍ୱପ୍ନ ସାକାର ହେବ । ଉଚ୍ଚଶିକ୍ଷା କ୍ଷେତ୍ରରେ ସଫଳତା ମିଳିବ । ଗୁରୁଜନଙ୍କ ଆଶୀର୍ବାଦ ପ୍ରାପ୍ତ ହେବ । ନୂତନ ସମ୍ପର୍କ ଗଢ଼ିଉଠିବ । ସ୍ୱାସ୍ଥ୍ୟ ଉତ୍ତମ ରହିବ ।
♑ ମକର: କର୍ମକ୍ଷେତ୍ରରେ ପରିବର୍ତ୍ତନର ସମ୍ଭାବନା ରହିଛି । ଅର୍ଥ ପ୍ରାପ୍ତିର ଯୋଗ ପ୍ରବଳ । ପରିବାରରେ ଶୁଭକାର୍ଯ୍ୟର ପ୍ରସ୍ତୁତି ଚାଲିବ । ଶତ୍ରୁମାନେ ପରାସ୍ତ ହେବେ । ଭୂସମ୍ପତ୍ତି କ୍ରୟବିକ୍ରୟରେ ଲାଭ ମିଳିବ । ରାତ୍ରିରେ ଶୁଭ ସ୍ୱପ୍ନ ଦେଖିବେ ।
♒ କୁମ୍ଭ: ନୂତନ ବନ୍ଧୁତା ଗଢ଼ିଉଠିବ । ବିଦ୍ୟାର୍ଥୀଙ୍କ ପାଇଁ ଶୁଭ ସମୟ । ଆଇନଗତ ସମସ୍ୟାର ସମାଧାନ ହେବ । ଖର୍ଚ୍ଚ ଉପରେ ନିୟନ୍ତ୍ରଣ ରଖନ୍ତୁ । ଦୂର ସ୍ଥାନରୁ ଶୁଭ ସମ୍ବାଦ ଆସିବ । ଦାନଧର୍ମରେ ମନ ଲାଗିବ ।
♓ ମୀନ: ମନ ପ୍ରସନ୍ନ ରହିବ । ଅତିଥି ଆଗମନରେ ଗୃହରେ ଆନନ୍ଦ ବୃଦ୍ଧି ପାଇବ । ବ୍ୟବସାୟରେ ସାମାନ୍ୟ ମନ୍ଦା ଦେଖାଯିବ । ସଞ୍ଚୟ ପ୍ରତି ଧ୍ୟାନ ଦିଅନ୍ତୁ । ଜୀବନସାଥୀଙ୍କ ସହ ସମୟ ସୁଖରେ କଟିବ । ରାତ୍ରି ଭୋଜନରେ ସଂଯମ ରଖନ୍ତୁ ।
ବୋର୍ଡ ସଭାପତି ବଦଳିଲେ
ଭୁବନେଶ୍ୱର, ୯ା୩ (ବ୍ୟୁରୋ)- ରାଜ୍ୟ ସରକାର ବିଭିନ୍ନ ବୋର୍ଡ ଓ ନିଗମର ସଭାପତି ପଦରେ ଅଦଳବଦଳ କରିଛନ୍ତି । ଶୁକ୍ରବାର ଜାରି ବିଜ୍ଞପ୍ତି ଅନୁଯାୟୀ ତିନୋଟି ବୋର୍ଡର ସଭାପତିଙ୍କୁ ବଦଳାଯାଇଛି । ନୂତନ ସଭାପତିମାନେ ଚଳିତ ସପ୍ତାହରେ ଦାୟିତ୍ୱ ଗ୍ରହଣ କରିବେ ବୋଲି ଜଣାପଡ଼ିଛି । ଦୀର୍ଘ ଦିନ ଧରି ଏହି ପଦବୀଗୁଡ଼ିକ ଖାଲି ପଡ଼ିଥିବାରୁ କାର୍ଯ୍ୟରେ ବାଧା ଉପୁଜୁଥିଲା । ନୂତନ ନିଯୁକ୍ତି ଫଳରେ ବୋର୍ଡର କାର୍ଯ୍ୟଧାରା ତ୍ୱରାନ୍ୱିତ ହେବ ବୋଲି ଆଶା କରାଯାଉଛି । ସରକାରଙ୍କ ଏହି ନିଷ୍ପତ୍ତିକୁ ବିଭିନ୍ନ ମହଲରେ ସ୍ୱାଗତ କରାଯାଇଛି । ଆଗାମୀ ଦିନରେ ଆଉ କେତେକ ବୋର୍ଡରେ ମଧ୍ୟ ପରିବର୍ତ୍ତନ ହେବାର ସମ୍ଭାବନା ରହିଛି ।
ଓଏଏସ ଅଫିସର ସ୍ତରରେ ବଦଳି
ଭୁବନେଶ୍ୱର, ୯ା୩ (ବ୍ୟୁରୋ)- ରାଜ୍ୟ ସରକାର ଓଏଏସ ଅଫିସର ସ୍ତରରେ ବ୍ୟାପକ ବଦଳି କରିଛନ୍ତି । ସାଧାରଣ ପ୍ରଶାସନ ବିଭାଗ ପକ୍ଷରୁ ଶୁକ୍ରବାର ଏ ସଂକ୍ରାନ୍ତ ବିଜ୍ଞପ୍ତି ଜାରି କରାଯାଇଛି । ବିଜ୍ଞପ୍ତି ଅନୁଯାୟୀ ମୋଟ ୪୫ ଜଣ ଅଫିସରଙ୍କୁ ବିଭିନ୍ନ ଜିଲ୍ଲାକୁ ବଦଳି କରାଯାଇଛି । ସେମାନଙ୍କ ମଧ୍ୟରେ କେତେକ ଉପଜିଲ୍ଲାପାଳ, ତହସିଲଦାର ଓ ବିଡିଓ ରହିଛନ୍ତି । ନୂତନ ସ୍ଥାନରେ ସେମାନେ ଅବିଳମ୍ବେ ଯୋଗ ଦେବାକୁ ନିର୍ଦ୍ଦେଶ ଦିଆଯାଇଛି । ଦୀର୍ଘ ଦିନ ଧରି ଗୋଟିଏ ସ୍ଥାନରେ ରହିଥିବା ଅଫିସରମାନଙ୍କୁ ଏଥର ବଦଳି କରାଯାଇଛି ବୋଲି ସୂତ୍ରରୁ ଜଣାପଡ଼ିଛି । ପଞ୍ଚାୟତ ନିର୍ବାଚନ ପୂର୍ବରୁ ପ୍ରଶାସନିକ ସ୍ତରରେ ଏହି ଅଦଳବଦଳ ଗୁରୁତ୍ୱପୂର୍ଣ୍ଣ ବୋଲି ବିବେଚନା କରାଯାଉଛି । ଆବଶ୍ୟକ ସ୍ଥଳେ ଆହୁରି କେତେକ ଅଫିସରଙ୍କୁ ବଦଳି କରାଯିବ ବୋଲି ବିଭାଗୀୟ ସୂତ୍ରରୁ ପ୍ରକାଶ । ନୂତନ ନିଯୁକ୍ତି ପାଇଥିବା ଅଫିସରମାନେ ଯୋଗଦାନ ପରେ କାର୍ଯ୍ୟଭାର ବୁଝିବେ ।
